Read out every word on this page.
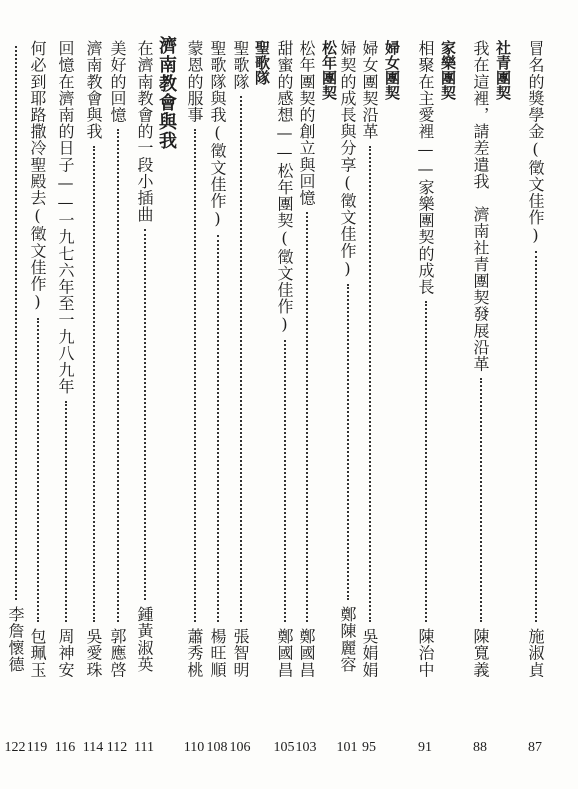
冒名的獎學金(徵文佳作)
施淑貞
87
社青團契
我在這裡，請差遣我　濟南社青團契發展沿革
陳寬義
88
家樂團契
相聚在主愛裡——家樂團契的成長
陳治中
91
婦女團契
婦女團契沿革
吳娟娟
95
婦契的成長與分享(徵文佳作)
鄭陳麗容
101
松年團契
松年團契的創立與回憶
鄭國昌
103
甜蜜的感想——松年團契(徵文佳作)
鄭國昌
105
聖歌隊
聖歌隊
張智明
106
聖歌隊與我(徵文佳作)
楊旺順
108
蒙恩的服事
蕭秀桃
110
濟南教會與我
在濟南教會的一段小插曲
鍾黃淑英
111
美好的回憶
郭應啓
112
濟南教會與我
吳愛珠
114
回憶在濟南的日子——一九七六年至一九八九年
周神安
116
何必到耶路撒冷聖殿去(徵文佳作)
包珮玉
119
李詹懷德
122
